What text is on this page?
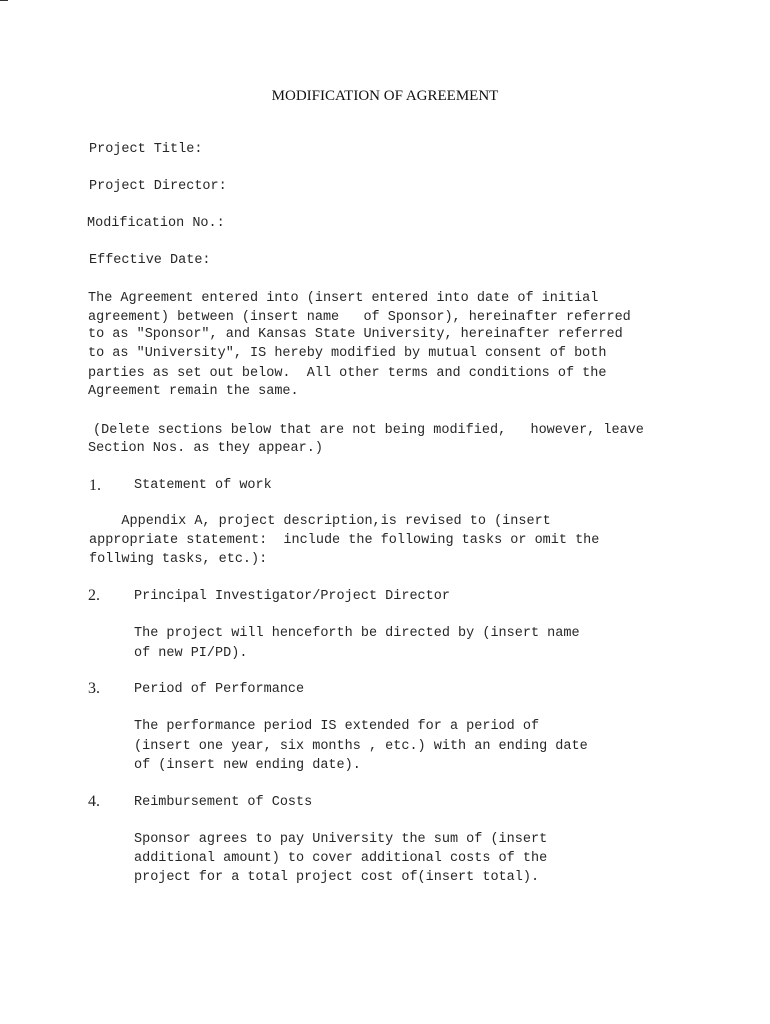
MODIFICATION OF AGREEMENT
Project Title:
Project Director:
Modification No.:
Effective Date:
The Agreement entered into (insert entered into date of initial
agreement) between (insert name   of Sponsor), hereinafter referred
to as "Sponsor", and Kansas State University, hereinafter referred
to as "University", IS hereby modified by mutual consent of both
parties as set out below.  All other terms and conditions of the
Agreement remain the same.
(Delete sections below that are not being modified,   however, leave
Section Nos. as they appear.)
1. Statement of work
Appendix A, project description,is revised to (insert
appropriate statement:  include the following tasks or omit the
follwing tasks, etc.):
2.	Principal Investigator/Project Director
The project will henceforth be directed by (insert name
of new PI/PD).
3.	Period of Performance
The performance period IS extended for a period of
(insert one year, six months , etc.) with an ending date
of (insert new ending date).
4.	Reimbursement of Costs
Sponsor agrees to pay University the sum of (insert
additional amount) to cover additional costs of the
project for a total project cost of(insert total).
